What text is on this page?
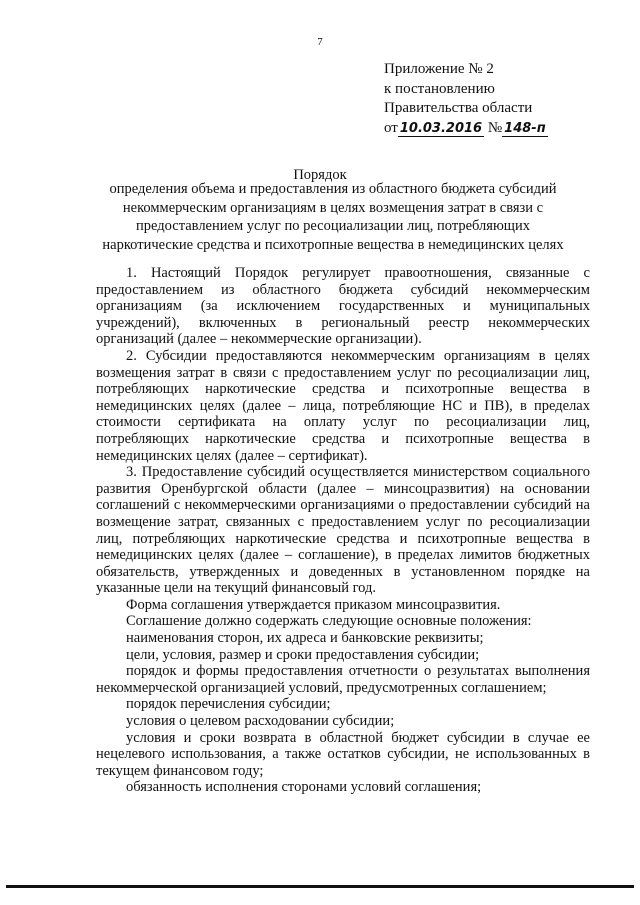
7
Приложение № 2
к постановлению
Правительства области
от 10.03.2016 № 148-п
Порядок
определения объема и предоставления из областного бюджета субсидий некоммерческим организациям в целях возмещения затрат в связи с предоставлением услуг по ресоциализации лиц, потребляющих наркотические средства и психотропные вещества в немедицинских целях

1. Настоящий Порядок регулирует правоотношения, связанные с предоставлением из областного бюджета субсидий некоммерческим организациям (за исключением государственных и муниципальных учреждений), включенных в региональный реестр некоммерческих организаций (далее – некоммерческие организации).

2. Субсидии предоставляются некоммерческим организациям в целях возмещения затрат в связи с предоставлением услуг по ресоциализации лиц, потребляющих наркотические средства и психотропные вещества в немедицинских целях (далее – лица, потребляющие НС и ПВ), в пределах стоимости сертификата на оплату услуг по ресоциализации лиц, потребляющих наркотические средства и психотропные вещества в немедицинских целях (далее – сертификат).

3. Предоставление субсидий осуществляется министерством социального развития Оренбургской области (далее – минсоцразвития) на основании соглашений с некоммерческими организациями о предоставлении субсидий на возмещение затрат, связанных с предоставлением услуг по ресоциализации лиц, потребляющих наркотические средства и психотропные вещества в немедицинских целях (далее – соглашение), в пределах лимитов бюджетных обязательств, утвержденных и доведенных в установленном порядке на указанные цели на текущий финансовый год.

Форма соглашения утверждается приказом минсоцразвития.

Соглашение должно содержать следующие основные положения:

наименования сторон, их адреса и банковские реквизиты;

цели, условия, размер и сроки предоставления субсидии;

порядок и формы предоставления отчетности о результатах выполнения некоммерческой организацией условий, предусмотренных соглашением;

порядок перечисления субсидии;

условия о целевом расходовании субсидии;

условия и сроки возврата в областной бюджет субсидии в случае ее нецелевого использования, а также остатков субсидии, не использованных в текущем финансовом году;

обязанность исполнения сторонами условий соглашения;
